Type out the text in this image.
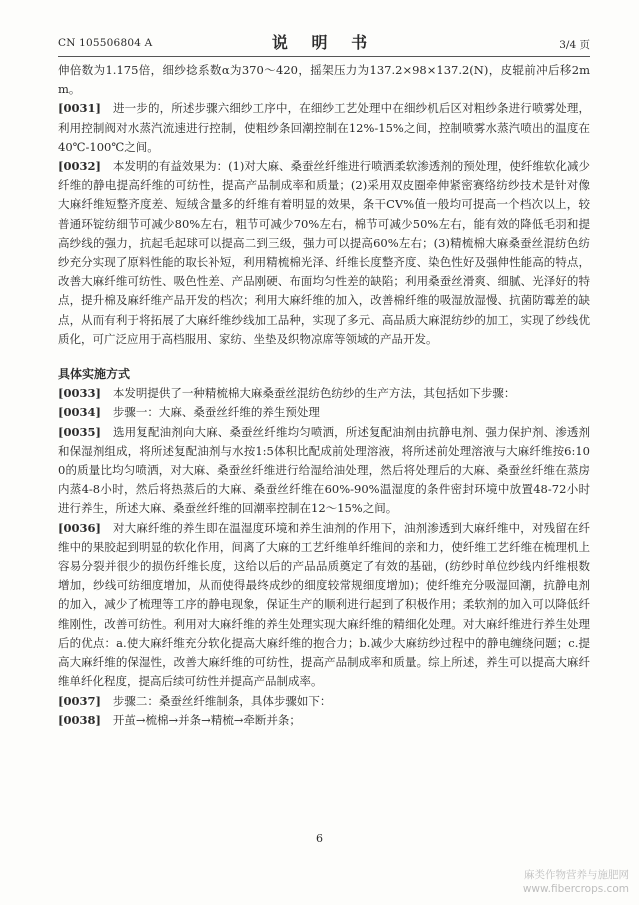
CN 105506804 A	说 明 书	3/4 页
伸倍数为1.175倍，细纱捻系数α为370～420，摇架压力为137.2×98×137.2(N)，皮辊前冲后移2mm。
[0031] 进一步的，所述步骤六细纱工序中，在细纱工艺处理中在细纱机后区对粗纱条进行喷雾处理，利用控制阀对水蒸汽流速进行控制，使粗纱条回潮控制在12%-15%之间，控制喷雾水蒸汽喷出的温度在40℃-100℃之间。
[0032] 本发明的有益效果为：(1)对大麻、桑蚕丝纤维进行喷洒柔软渗透剂的预处理，使纤维软化减少纤维的静电提高纤维的可纺性，提高产品制成率和质量；(2)采用双皮圈牵伸紧密赛络纺纱技术是针对像大麻纤维短整齐度差、短绒含量多的纤维有着明显的效果，条干CV%值一般均可提高一个档次以上，较普通环锭纺细节可减少80%左右，粗节可减少70%左右，棉节可减少50%左右，能有效的降低毛羽和提高纱线的强力，抗起毛起球可以提高二到三级，强力可以提高60%左右；(3)精梳棉大麻桑蚕丝混纺色纺纱充分实现了原料性能的取长补短，利用精梳棉光泽、纤维长度整齐度、染色性好及强伸性能高的特点，改善大麻纤维可纺性、吸色性差、产品刚硬、布面均匀性差的缺陷；利用桑蚕丝滑爽、细腻、光泽好的特点，提升棉及麻纤维产品开发的档次；利用大麻纤维的加入，改善棉纤维的吸湿放湿慢、抗菌防霉差的缺点，从而有利于将拓展了大麻纤维纱线加工品种，实现了多元、高品质大麻混纺纱的加工，实现了纱线优质化，可广泛应用于高档服用、家纺、坐垫及织物凉席等领域的产品开发。
具体实施方式
[0033] 本发明提供了一种精梳棉大麻桑蚕丝混纺色纺纱的生产方法，其包括如下步骤：
[0034] 步骤一：大麻、桑蚕丝纤维的养生预处理
[0035] 选用复配油剂向大麻、桑蚕丝纤维均匀喷洒，所述复配油剂由抗静电剂、强力保护剂、渗透剂和保湿剂组成，将所述复配油剂与水按1:5体积比配成前处理溶液，将所述前处理溶液与大麻纤维按6:100的质量比均匀喷洒，对大麻、桑蚕丝纤维进行给湿给油处理，然后将处理后的大麻、桑蚕丝纤维在蒸房内蒸4-8小时，然后将热蒸后的大麻、桑蚕丝纤维在60%-90%温湿度的条件密封环境中放置48-72小时进行养生，所述大麻、桑蚕丝纤维的回潮率控制在12～15%之间。
[0036] 对大麻纤维的养生即在温湿度环境和养生油剂的作用下，油剂渗透到大麻纤维中，对残留在纤维中的果胶起到明显的软化作用，间离了大麻的工艺纤维单纤维间的亲和力，使纤维工艺纤维在梳理机上容易分裂并很少的损伤纤维长度，这给以后的产品品质奠定了有效的基础，(纺纱时单位纱线内纤维根数增加，纱线可纺细度增加，从而使得最终成纱的细度较常规细度增加)；使纤维充分吸湿回潮，抗静电剂的加入，减少了梳理等工序的静电现象，保证生产的顺利进行起到了积极作用；柔软剂的加入可以降低纤维刚性，改善可纺性。利用对大麻纤维的养生处理实现大麻纤维的精细化处理。对大麻纤维进行养生处理后的优点：a.使大麻纤维充分软化提高大麻纤维的抱合力；b.减少大麻纺纱过程中的静电缠绕问题；c.提高大麻纤维的保湿性，改善大麻纤维的可纺性，提高产品制成率和质量。综上所述，养生可以提高大麻纤维单纤化程度，提高后续可纺性并提高产品制成率。
[0037] 步骤二：桑蚕丝纤维制条，具体步骤如下：
[0038] 开茧→梳棉→并条→精梳→牵断并条；
6
麻类作物营养与施肥网
www.fibercrops.com
